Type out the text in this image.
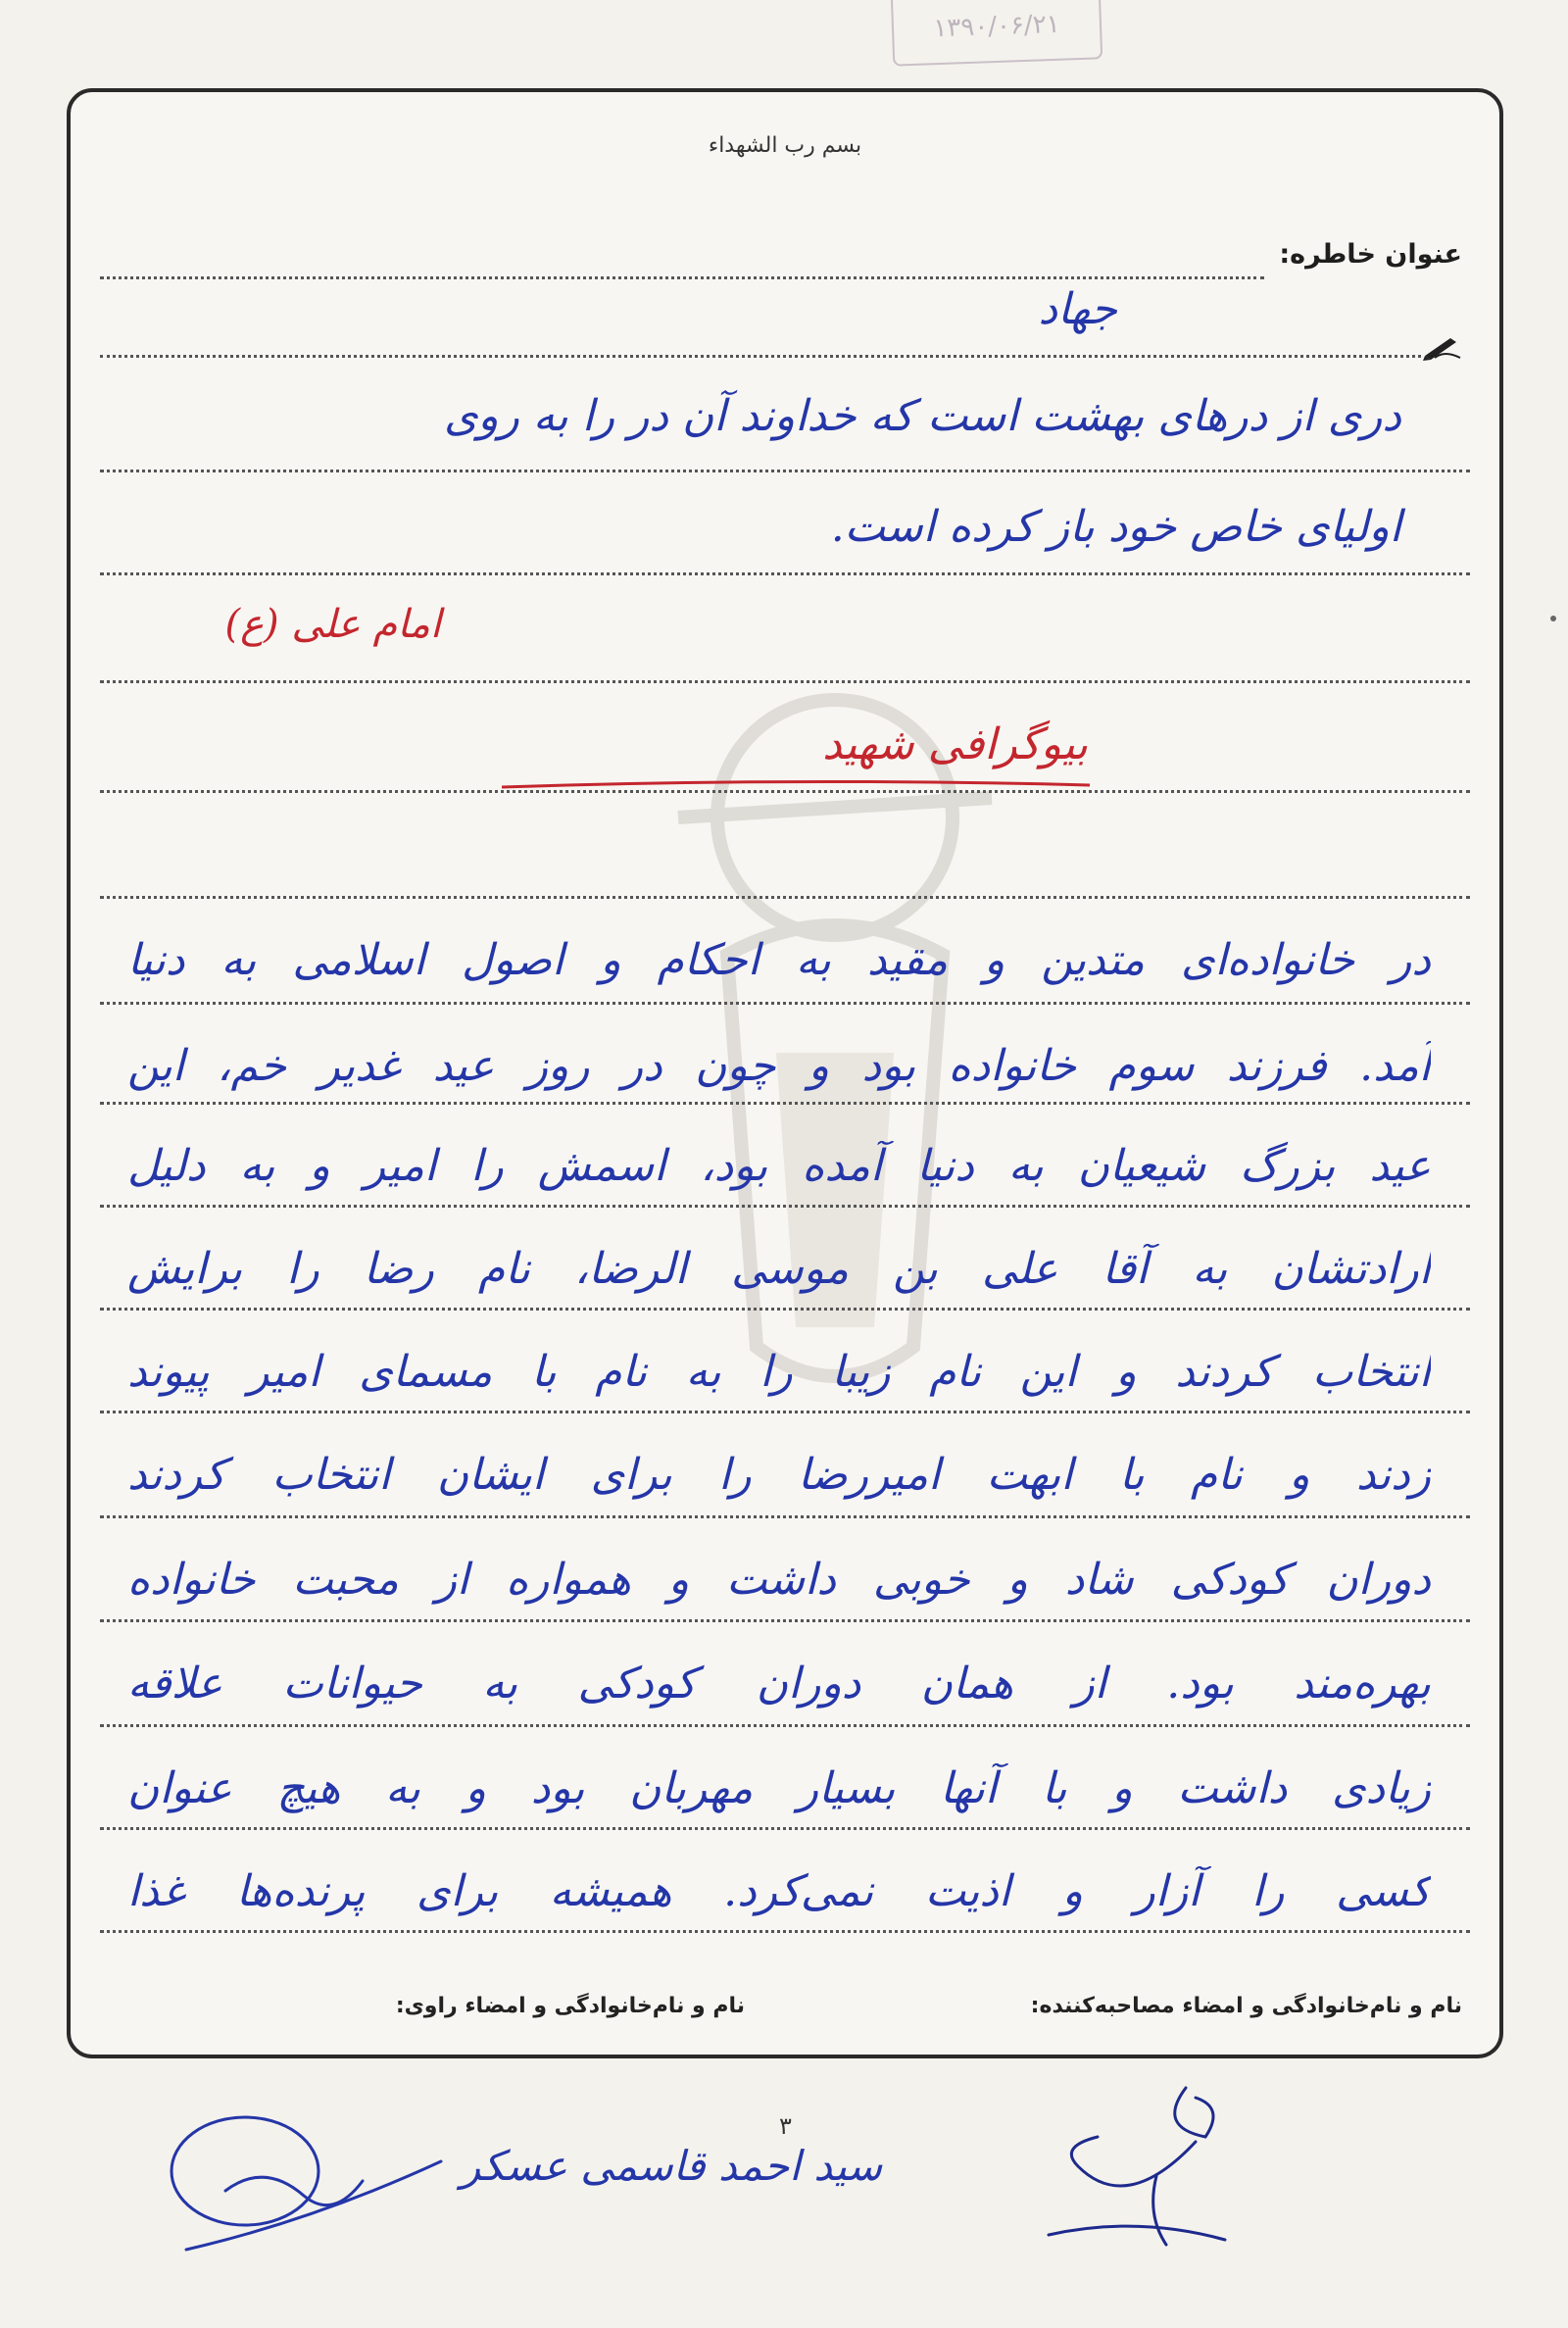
۱۳۹۰/۰۶/۲۱
بسم رب الشهداء
عنوان خاطره:
جهاد
دری از درهای بهشت است که خداوند آن در را به روی
اولیای خاص خود باز کرده است.
امام علی (ع)
بیوگرافی شهید
در خانواده‌ای متدین و مقید به احکام و اصول اسلامی به دنیا
آمد. فرزند سوم خانواده بود و چون در روز عید غدیر خم، این
عید بزرگ شیعیان به دنیا آمده بود، اسمش را امیر و به دلیل
ارادتشان به آقا علی بن موسی الرضا، نام رضا را برایش
انتخاب کردند و این نام زیبا را به نام با مسمای امیر پیوند
زدند و نام با ابهت امیررضا را برای ایشان انتخاب کردند
دوران کودکی شاد و خوبی داشت و همواره از محبت خانواده
بهره‌مند بود. از همان دوران کودکی به حیوانات علاقه
زیادی داشت و با آنها بسیار مهربان بود و به هیچ عنوان
کسی را آزار و اذیت نمی‌کرد. همیشه برای پرنده‌ها غذا
نام و نام‌خانوادگی و امضاء مصاحبه‌کننده:
نام و نام‌خانوادگی و امضاء راوی:
۳
سید احمد قاسمی عسکر
